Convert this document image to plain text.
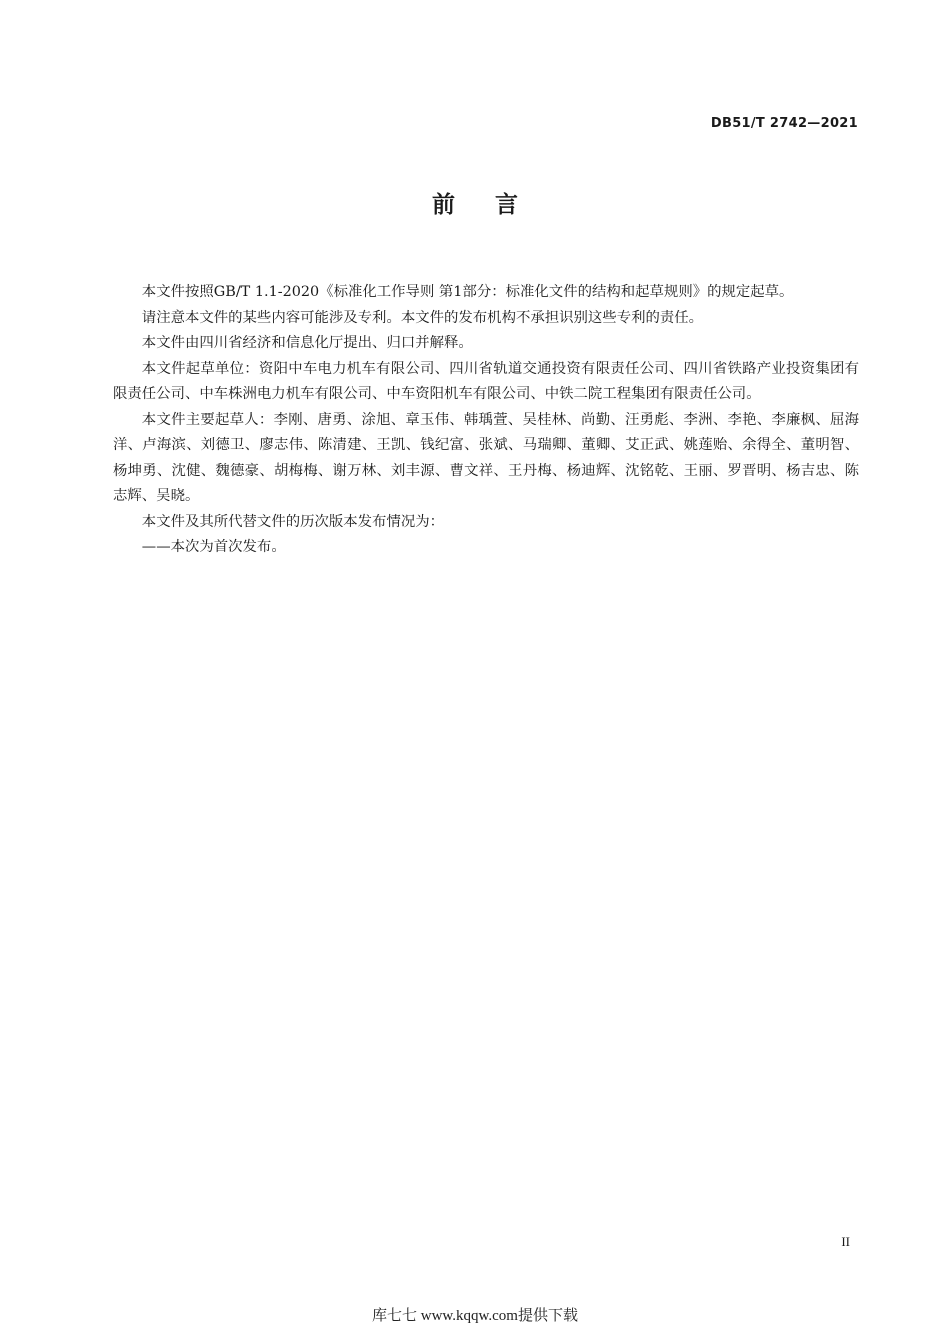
DB51/T 2742—2021
前言

本文件按照GB/T 1.1-2020《标准化工作导则 第1部分：标准化文件的结构和起草规则》的规定起草。

请注意本文件的某些内容可能涉及专利。本文件的发布机构不承担识别这些专利的责任。

本文件由四川省经济和信息化厅提出、归口并解释。

本文件起草单位：资阳中车电力机车有限公司、四川省轨道交通投资有限责任公司、四川省铁路产业投资集团有限责任公司、中车株洲电力机车有限公司、中车资阳机车有限公司、中铁二院工程集团有限责任公司。

本文件主要起草人：李刚、唐勇、涂旭、章玉伟、韩瑀萱、吴桂林、尚勤、汪勇彪、李洲、李艳、李廉枫、屈海洋、卢海滨、刘德卫、廖志伟、陈清建、王凯、钱纪富、张斌、马瑞卿、董卿、艾正武、姚莲贻、余得全、董明智、杨坤勇、沈健、魏德豪、胡梅梅、谢万林、刘丰源、曹文祥、王丹梅、杨迪辉、沈铭乾、王丽、罗晋明、杨吉忠、陈志辉、吴晓。

本文件及其所代替文件的历次版本发布情况为：

——本次为首次发布。

II
库七七 www.kqqw.com提供下载
